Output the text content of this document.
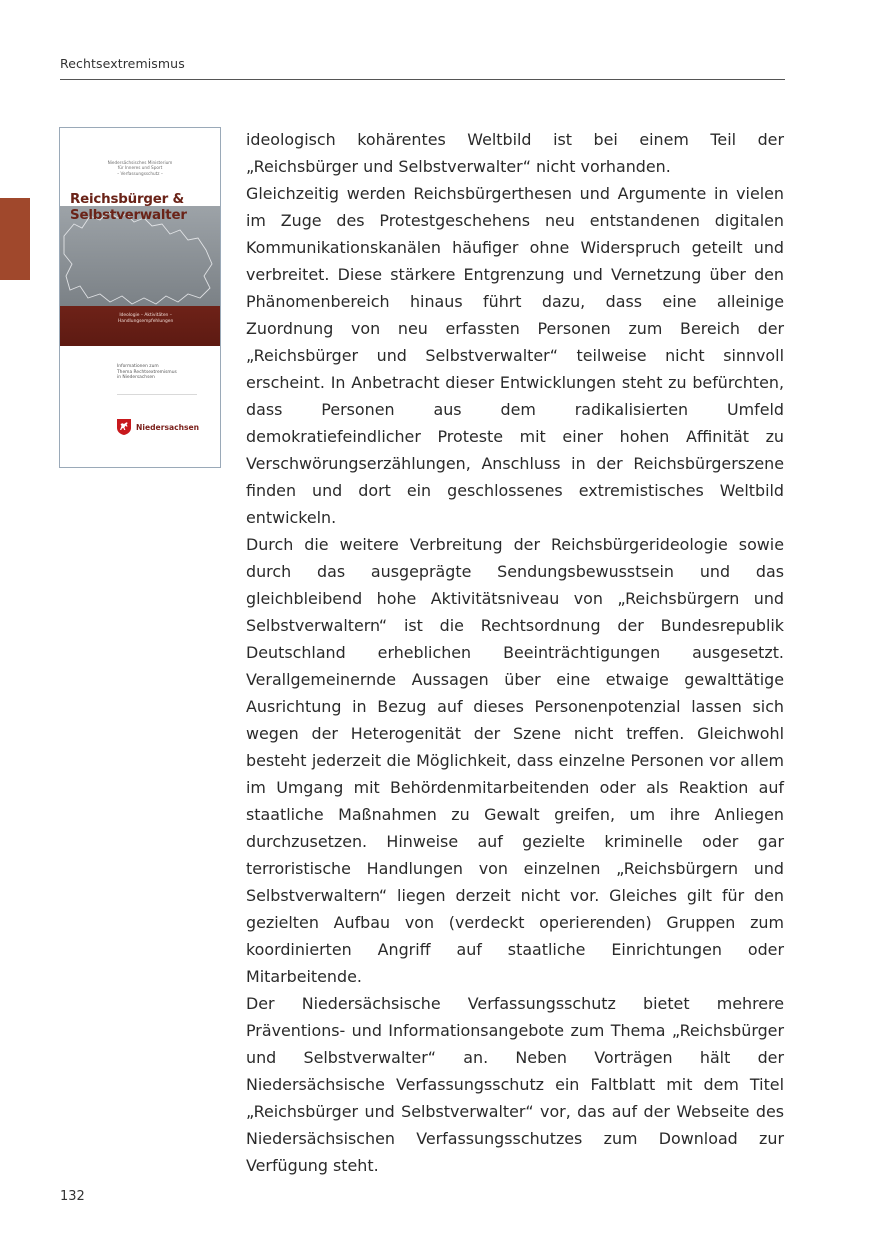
Rechtsextremismus
Niedersächsisches Ministerium
für Inneres und Sport
– Verfassungsschutz –
Reichsbürger &
Selbstverwalter
Ideologie – Aktivitäten –
Handlungsempfehlungen
Informationen zum
Thema Rechtsextremismus
in Niedersachsen
Niedersachsen

ideologisch kohärentes Weltbild ist bei einem Teil der „Reichsbürger und Selbstverwalter“ nicht vorhanden.

Gleichzeitig werden Reichsbürgerthesen und Argumente in vielen im Zuge des Protestgeschehens neu entstandenen digitalen Kommunikationskanälen häufiger ohne Widerspruch geteilt und verbreitet. Diese stärkere Entgrenzung und Vernetzung über den Phänomenbereich hinaus führt dazu, dass eine alleinige Zuordnung von neu erfassten Personen zum Bereich der „Reichsbürger und Selbstverwalter“ teilweise nicht sinnvoll erscheint. In Anbetracht dieser Entwicklungen steht zu befürchten, dass Personen aus dem radikalisierten Umfeld demokratiefeindlicher Proteste mit einer hohen Affinität zu Verschwörungserzählungen, Anschluss in der Reichsbürgerszene finden und dort ein geschlossenes extremistisches Weltbild entwickeln.

Durch die weitere Verbreitung der Reichsbürgerideologie sowie durch das ausgeprägte Sendungsbewusstsein und das gleichbleibend hohe Aktivitätsniveau von „Reichsbürgern und Selbstverwaltern“ ist die Rechtsordnung der Bundesrepublik Deutschland erheblichen Beeinträchtigungen ausgesetzt. Verallgemeinernde Aussagen über eine etwaige gewalttätige Ausrichtung in Bezug auf dieses Personenpotenzial lassen sich wegen der Heterogenität der Szene nicht treffen. Gleichwohl besteht jederzeit die Möglichkeit, dass einzelne Personen vor allem im Umgang mit Behördenmitarbeitenden oder als Reaktion auf staatliche Maßnahmen zu Gewalt greifen, um ihre Anliegen durchzusetzen. Hinweise auf gezielte kriminelle oder gar terroristische Handlungen von einzelnen „Reichsbürgern und Selbstverwaltern“ liegen derzeit nicht vor. Gleiches gilt für den gezielten Aufbau von (verdeckt operierenden) Gruppen zum koordinierten Angriff auf staatliche Einrichtungen oder Mitarbeitende.

Der Niedersächsische Verfassungsschutz bietet mehrere Präventions- und Informationsangebote zum Thema „Reichsbürger und Selbstverwalter“ an. Neben Vorträgen hält der Niedersächsische Verfassungsschutz ein Faltblatt mit dem Titel „Reichsbürger und Selbstverwalter“ vor, das auf der Webseite des Niedersächsischen Verfassungsschutzes zum Download zur Verfügung steht.

132
